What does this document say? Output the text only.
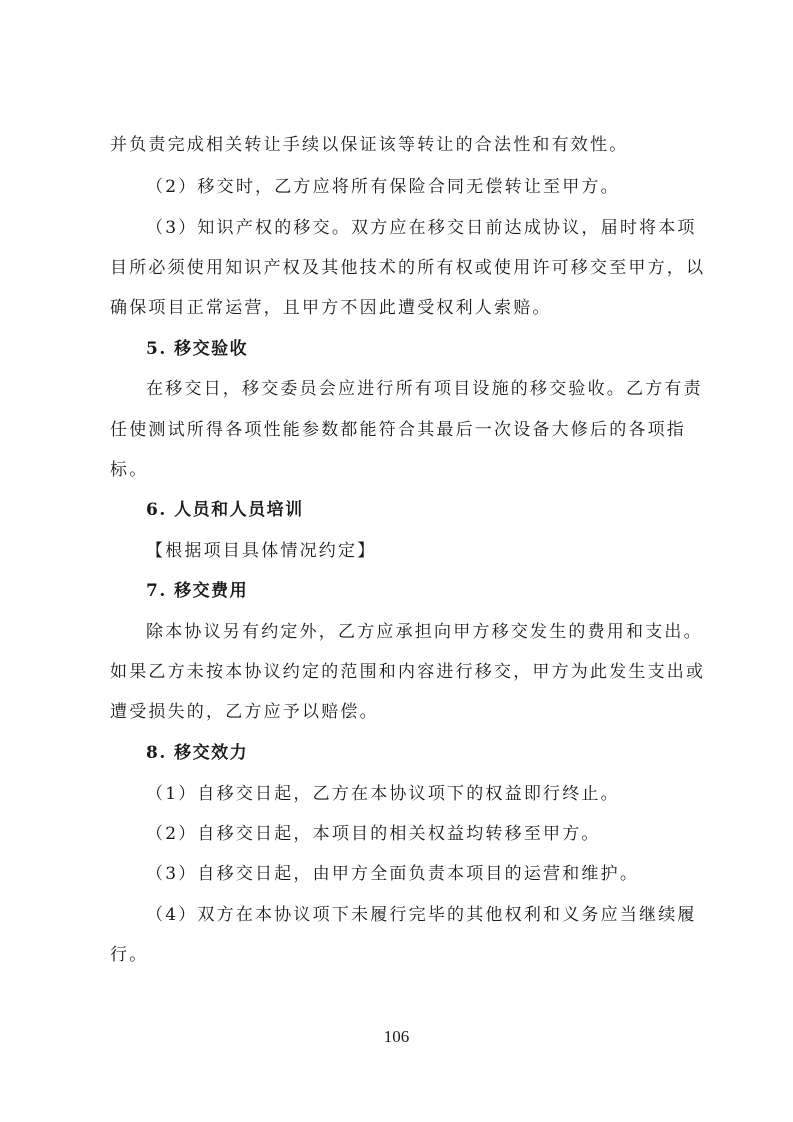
并负责完成相关转让手续以保证该等转让的合法性和有效性。
（2）移交时，乙方应将所有保险合同无偿转让至甲方。
（3）知识产权的移交。双方应在移交日前达成协议，届时将本项
目所必须使用知识产权及其他技术的所有权或使用许可移交至甲方，以
确保项目正常运营，且甲方不因此遭受权利人索赔。
5. 移交验收
在移交日，移交委员会应进行所有项目设施的移交验收。乙方有责
任使测试所得各项性能参数都能符合其最后一次设备大修后的各项指
标。
6. 人员和人员培训
【根据项目具体情况约定】
7. 移交费用
除本协议另有约定外，乙方应承担向甲方移交发生的费用和支出。
如果乙方未按本协议约定的范围和内容进行移交，甲方为此发生支出或
遭受损失的，乙方应予以赔偿。
8. 移交效力
（1）自移交日起，乙方在本协议项下的权益即行终止。
（2）自移交日起，本项目的相关权益均转移至甲方。
（3）自移交日起，由甲方全面负责本项目的运营和维护。
（4）双方在本协议项下未履行完毕的其他权利和义务应当继续履
行。
106
